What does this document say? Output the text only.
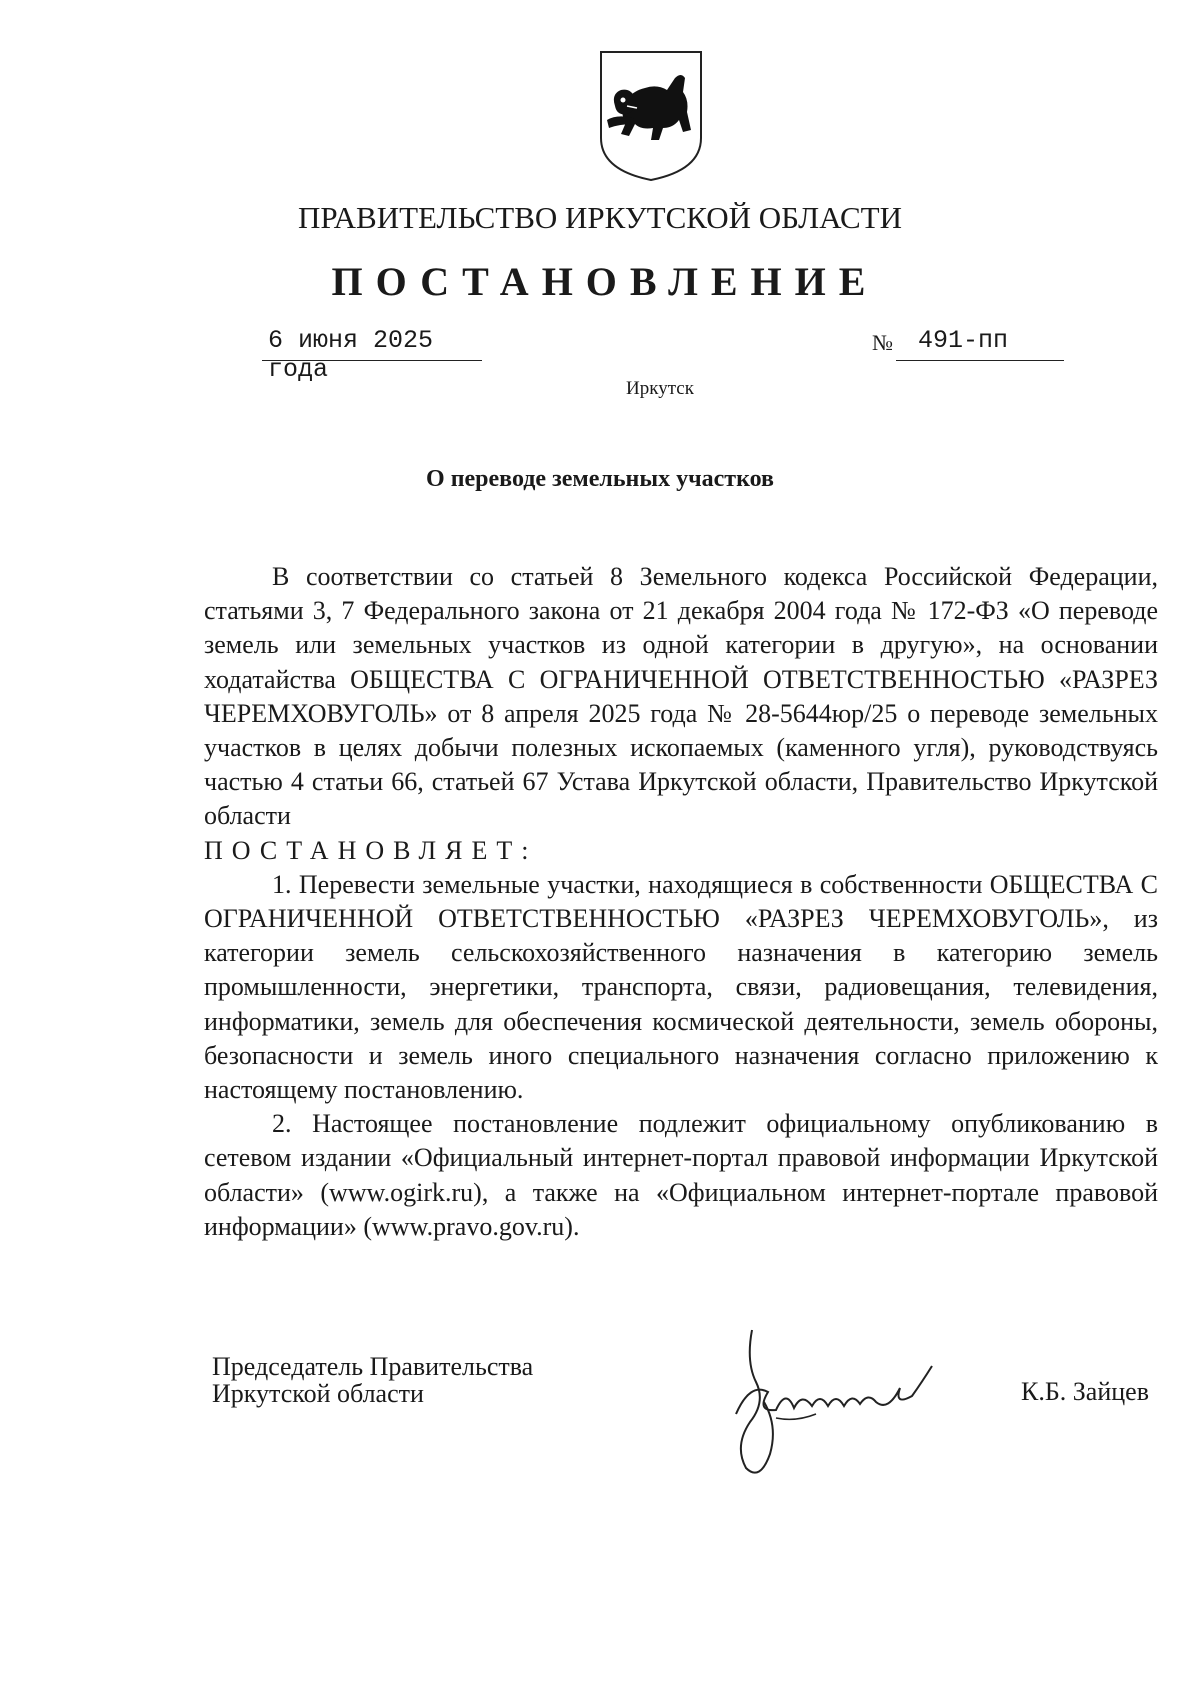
ПРАВИТЕЛЬСТВО ИРКУТСКОЙ ОБЛАСТИ
ПОСТАНОВЛЕНИЕ
6 июня 2025 года
№ 491-пп
Иркутск
О переводе земельных участков

В соответствии со статьей 8 Земельного кодекса Российской Федерации, статьями 3, 7 Федерального закона от 21 декабря 2004 года № 172-ФЗ «О переводе земель или земельных участков из одной категории в другую», на основании ходатайства ОБЩЕСТВА С ОГРАНИЧЕННОЙ ОТВЕТСТВЕННОСТЬЮ «РАЗРЕЗ ЧЕРЕМХОВУГОЛЬ» от 8 апреля 2025 года № 28-5644юр/25 о переводе земельных участков в целях добычи полезных ископаемых (каменного угля), руководствуясь частью 4 статьи 66, статьей 67 Устава Иркутской области, Правительство Иркутской области

ПОСТАНОВЛЯЕТ:

1. Перевести земельные участки, находящиеся в собственности ОБЩЕСТВА С ОГРАНИЧЕННОЙ ОТВЕТСТВЕННОСТЬЮ «РАЗРЕЗ ЧЕРЕМХОВУГОЛЬ», из категории земель сельскохозяйственного назначения в категорию земель промышленности, энергетики, транспорта, связи, радиовещания, телевидения, информатики, земель для обеспечения космической деятельности, земель обороны, безопасности и земель иного специального назначения согласно приложению к настоящему постановлению.

2. Настоящее постановление подлежит официальному опубликованию в сетевом издании «Официальный интернет-портал правовой информации Иркутской области» (www.ogirk.ru), а также на «Официальном интернет-портале правовой информации» (www.pravo.gov.ru).

Председатель Правительства
Иркутской области	К.Б. Зайцев
